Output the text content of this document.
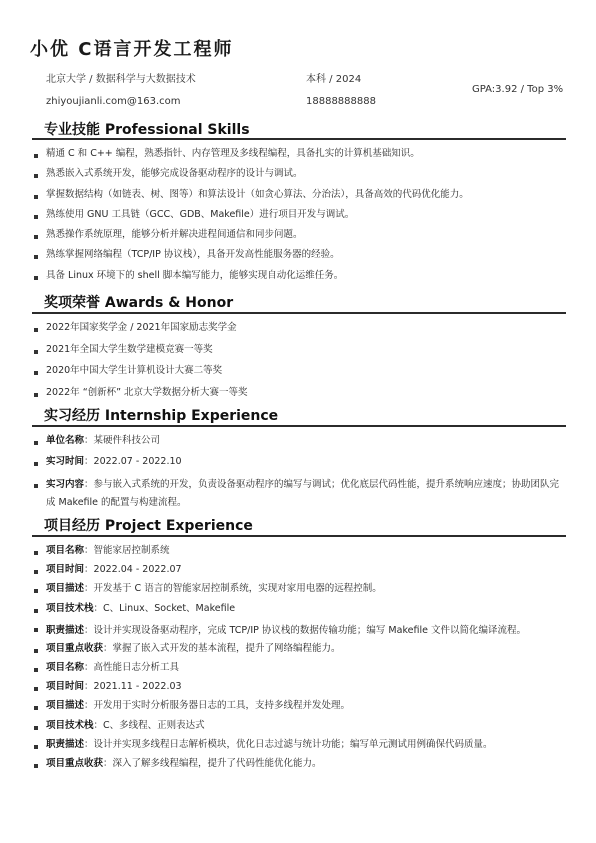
小优 C语言开发工程师
北京大学 / 数据科学与大数据技术	本科 / 2024
zhiyoujianli.com@163.com	18888888888
GPA:3.92 / Top 3%
专业技能 Professional Skills
精通 C 和 C++ 编程，熟悉指针、内存管理及多线程编程，具备扎实的计算机基础知识。
熟悉嵌入式系统开发，能够完成设备驱动程序的设计与调试。
掌握数据结构（如链表、树、图等）和算法设计（如贪心算法、分治法），具备高效的代码优化能力。
熟练使用 GNU 工具链（GCC、GDB、Makefile）进行项目开发与调试。
熟悉操作系统原理，能够分析并解决进程间通信和同步问题。
熟练掌握网络编程（TCP/IP 协议栈），具备开发高性能服务器的经验。
具备 Linux 环境下的 shell 脚本编写能力，能够实现自动化运维任务。
奖项荣誉 Awards & Honor
2022年国家奖学金 / 2021年国家励志奖学金
2021年全国大学生数学建模竞赛一等奖
2020年中国大学生计算机设计大赛二等奖
2022年 “创新杯” 北京大学数据分析大赛一等奖
实习经历 Internship Experience
单位名称：某硬件科技公司
实习时间：2022.07 - 2022.10
实习内容：参与嵌入式系统的开发，负责设备驱动程序的编写与调试；优化底层代码性能，提升系统响应速度；协助团队完成 Makefile 的配置与构建流程。
项目经历 Project Experience
项目名称：智能家居控制系统
项目时间：2022.04 - 2022.07
项目描述：开发基于 C 语言的智能家居控制系统，实现对家用电器的远程控制。
项目技术栈：C、Linux、Socket、Makefile
职责描述：设计并实现设备驱动程序，完成 TCP/IP 协议栈的数据传输功能；编写 Makefile 文件以简化编译流程。
项目重点收获：掌握了嵌入式开发的基本流程，提升了网络编程能力。
项目名称：高性能日志分析工具
项目时间：2021.11 - 2022.03
项目描述：开发用于实时分析服务器日志的工具，支持多线程并发处理。
项目技术栈：C、多线程、正则表达式
职责描述：设计并实现多线程日志解析模块，优化日志过滤与统计功能；编写单元测试用例确保代码质量。
项目重点收获：深入了解多线程编程，提升了代码性能优化能力。
